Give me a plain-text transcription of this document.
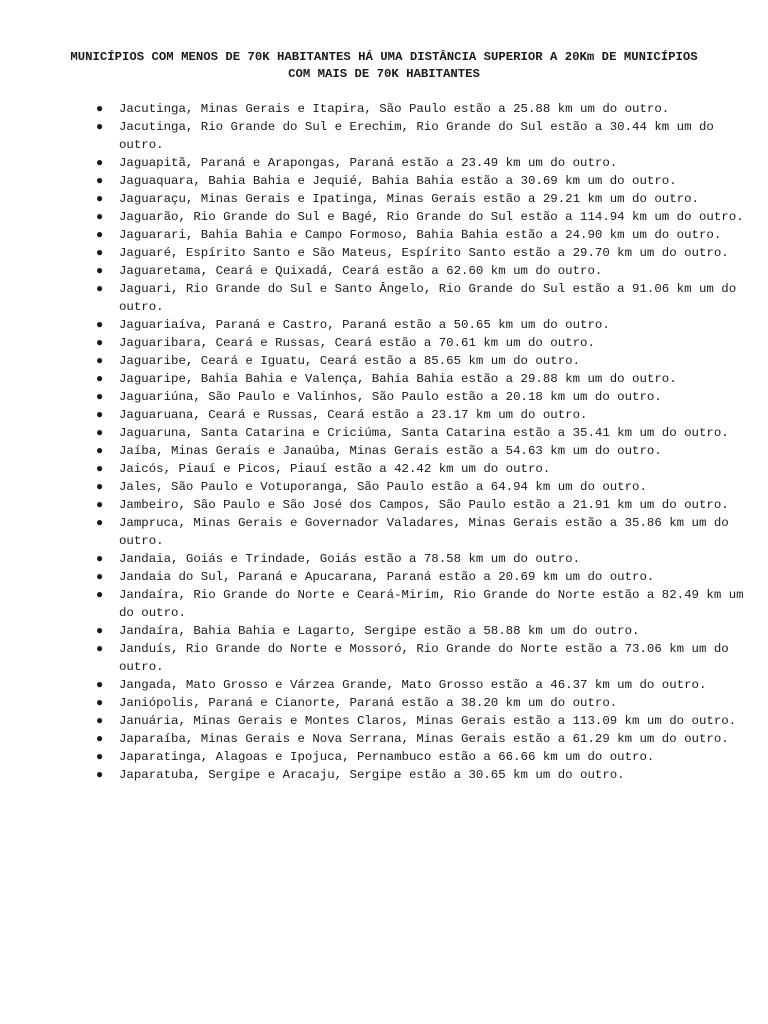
MUNICÍPIOS COM MENOS DE 70K HABITANTES HÁ UMA DISTÂNCIA SUPERIOR A 20Km DE MUNICÍPIOS
COM MAIS DE 70K HABITANTES
● Jacutinga, Minas Gerais e Itapira, São Paulo estão a 25.88 km um do outro.
● Jacutinga, Rio Grande do Sul e Erechim, Rio Grande do Sul estão a 30.44 km um do outro.
● Jaguapitã, Paraná e Arapongas, Paraná estão a 23.49 km um do outro.
● Jaguaquara, Bahia Bahia e Jequié, Bahia Bahia estão a 30.69 km um do outro.
● Jaguaraçu, Minas Gerais e Ipatinga, Minas Gerais estão a 29.21 km um do outro.
● Jaguarão, Rio Grande do Sul e Bagé, Rio Grande do Sul estão a 114.94 km um do outro.
● Jaguarari, Bahia Bahia e Campo Formoso, Bahia Bahia estão a 24.90 km um do outro.
● Jaguaré, Espírito Santo e São Mateus, Espírito Santo estão a 29.70 km um do outro.
● Jaguaretama, Ceará e Quixadá, Ceará estão a 62.60 km um do outro.
● Jaguari, Rio Grande do Sul e Santo Ângelo, Rio Grande do Sul estão a 91.06 km um do outro.
● Jaguariaíva, Paraná e Castro, Paraná estão a 50.65 km um do outro.
● Jaguaribara, Ceará e Russas, Ceará estão a 70.61 km um do outro.
● Jaguaribe, Ceará e Iguatu, Ceará estão a 85.65 km um do outro.
● Jaguaripe, Bahia Bahia e Valença, Bahia Bahia estão a 29.88 km um do outro.
● Jaguariúna, São Paulo e Valinhos, São Paulo estão a 20.18 km um do outro.
● Jaguaruana, Ceará e Russas, Ceará estão a 23.17 km um do outro.
● Jaguaruna, Santa Catarina e Criciúma, Santa Catarina estão a 35.41 km um do outro.
● Jaíba, Minas Gerais e Janaúba, Minas Gerais estão a 54.63 km um do outro.
● Jaicós, Piauí e Picos, Piauí estão a 42.42 km um do outro.
● Jales, São Paulo e Votuporanga, São Paulo estão a 64.94 km um do outro.
● Jambeiro, São Paulo e São José dos Campos, São Paulo estão a 21.91 km um do outro.
● Jampruca, Minas Gerais e Governador Valadares, Minas Gerais estão a 35.86 km um do outro.
● Jandaia, Goiás e Trindade, Goiás estão a 78.58 km um do outro.
● Jandaia do Sul, Paraná e Apucarana, Paraná estão a 20.69 km um do outro.
● Jandaíra, Rio Grande do Norte e Ceará-Mirim, Rio Grande do Norte estão a 82.49 km um do outro.
● Jandaíra, Bahia Bahia e Lagarto, Sergipe estão a 58.88 km um do outro.
● Janduís, Rio Grande do Norte e Mossoró, Rio Grande do Norte estão a 73.06 km um do outro.
● Jangada, Mato Grosso e Várzea Grande, Mato Grosso estão a 46.37 km um do outro.
● Janiópolis, Paraná e Cianorte, Paraná estão a 38.20 km um do outro.
● Januária, Minas Gerais e Montes Claros, Minas Gerais estão a 113.09 km um do outro.
● Japaraíba, Minas Gerais e Nova Serrana, Minas Gerais estão a 61.29 km um do outro.
● Japaratinga, Alagoas e Ipojuca, Pernambuco estão a 66.66 km um do outro.
● Japaratuba, Sergipe e Aracaju, Sergipe estão a 30.65 km um do outro.
